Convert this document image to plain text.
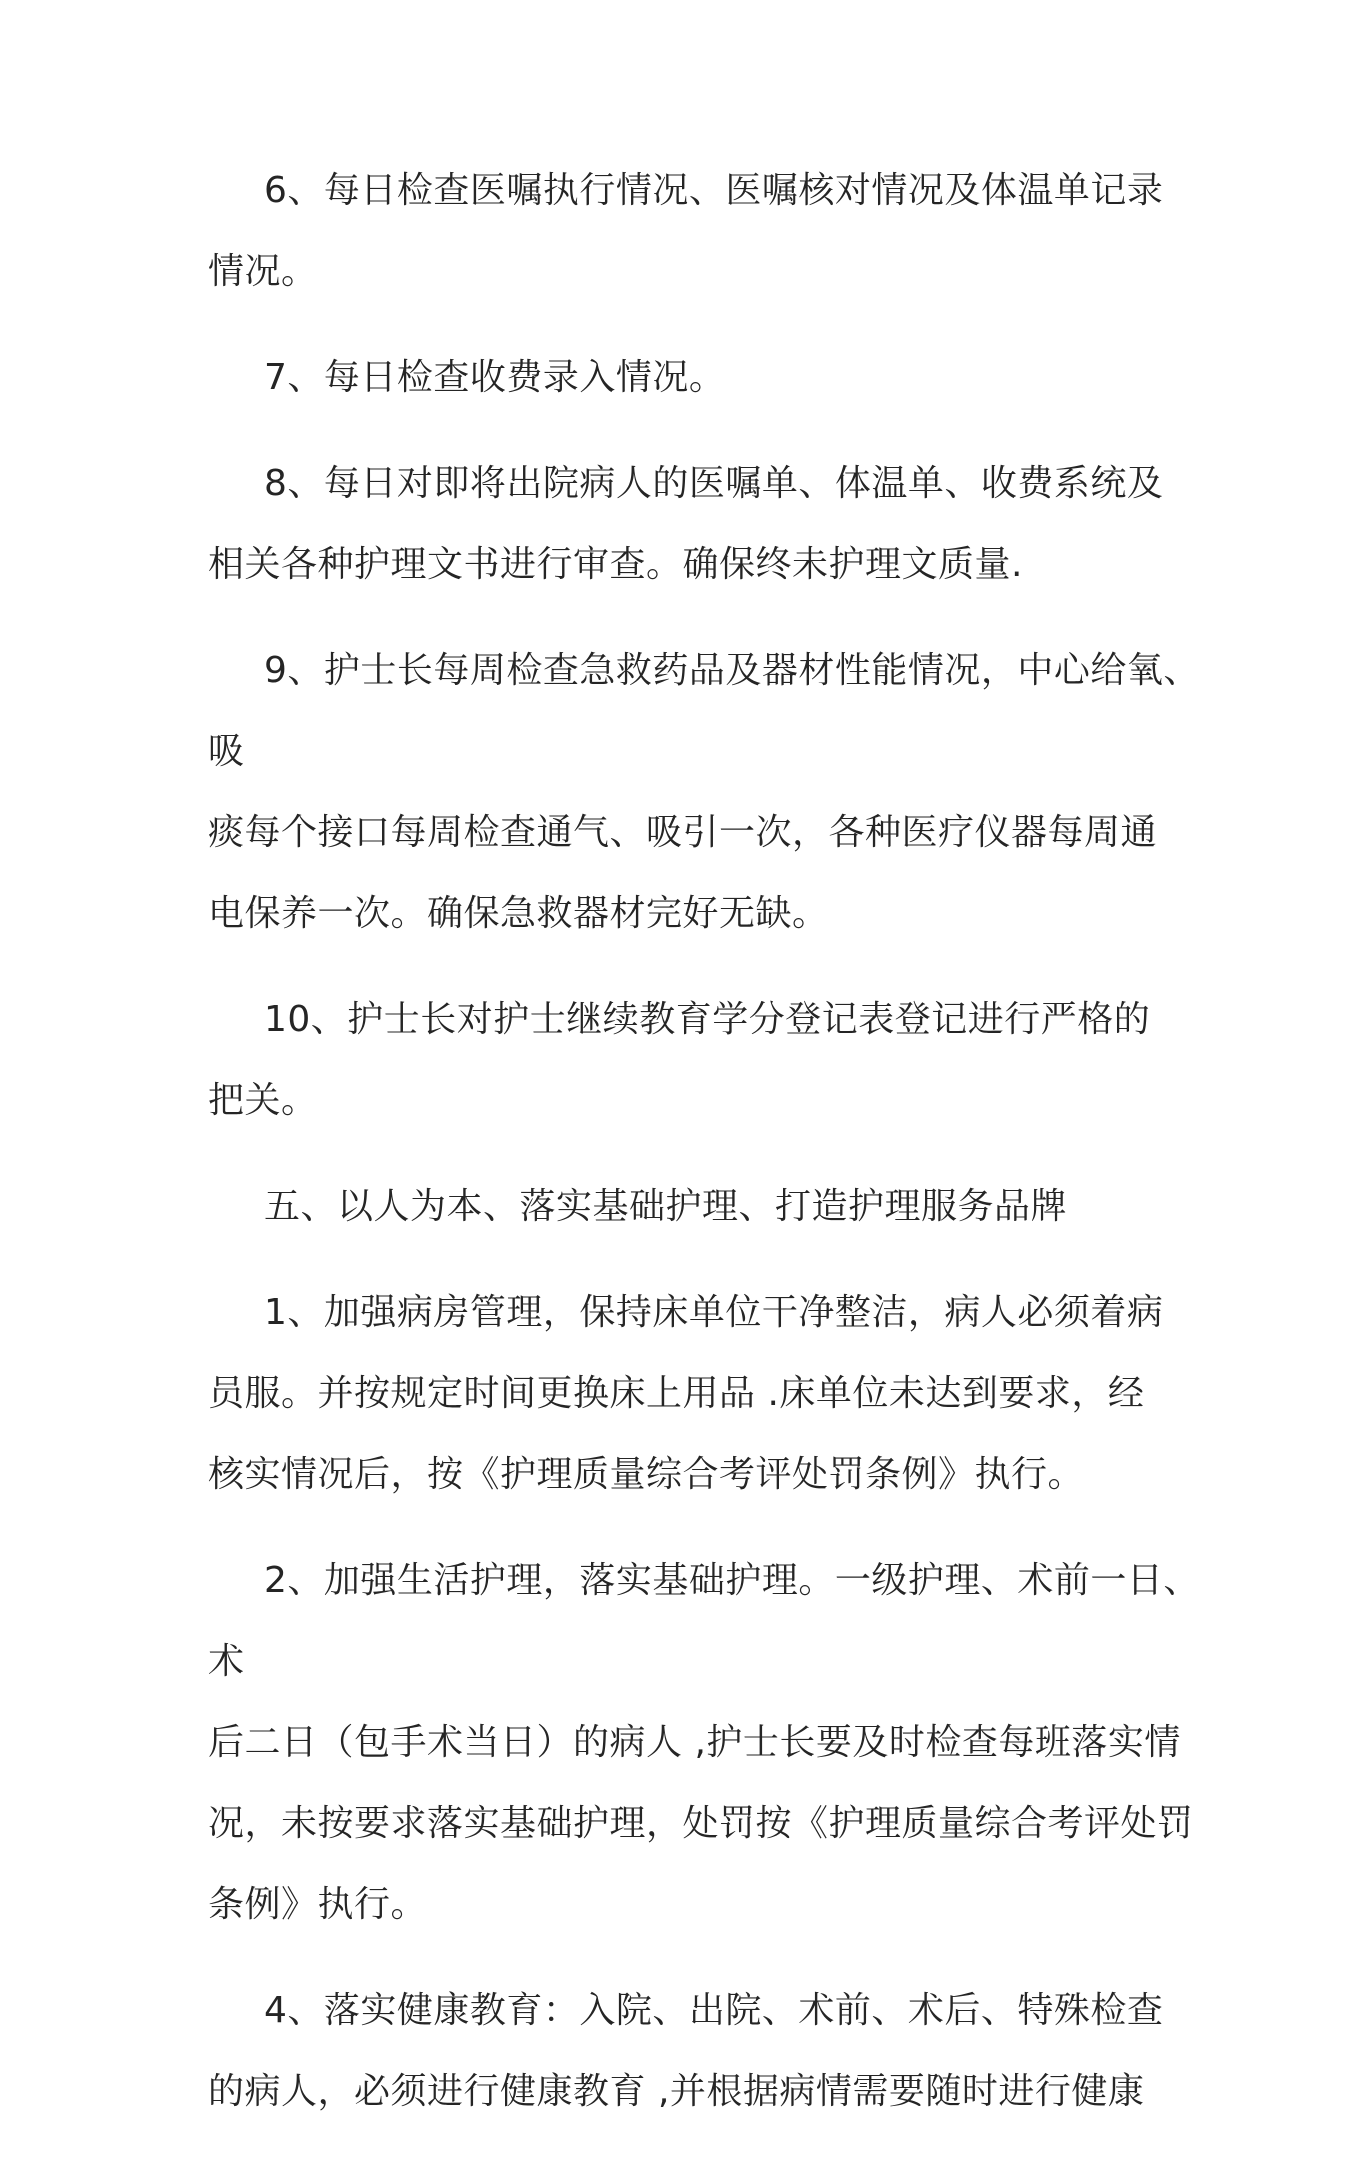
6、每日检查医嘱执行情况、医嘱核对情况及体温单记录
情况。

7、每日检查收费录入情况。

8、每日对即将出院病人的医嘱单、体温单、收费系统及
相关各种护理文书进行审查。确保终未护理文质量.

9、护士长每周检查急救药品及器材性能情况，中心给氧、 吸
痰每个接口每周检查通气、吸引一次，各种医疗仪器每周通
电保养一次。确保急救器材完好无缺。

10、护士长对护士继续教育学分登记表登记进行严格的
把关。

五、以人为本、落实基础护理、打造护理服务品牌

1、加强病房管理，保持床单位干净整洁，病人必须着病
员服。并按规定时间更换床上用品 .床单位未达到要求，经
核实情况后，按《护理质量综合考评处罚条例》执行。

2、加强生活护理，落实基础护理。一级护理、术前一日、 术
后二日（包手术当日）的病人 ,护士长要及时检查每班落实情
况，未按要求落实基础护理，处罚按《护理质量综合考评处罚
条例》执行。

4、落实健康教育：入院、出院、术前、术后、特殊检查
的病人，必须进行健康教育 ,并根据病情需要随时进行健康
